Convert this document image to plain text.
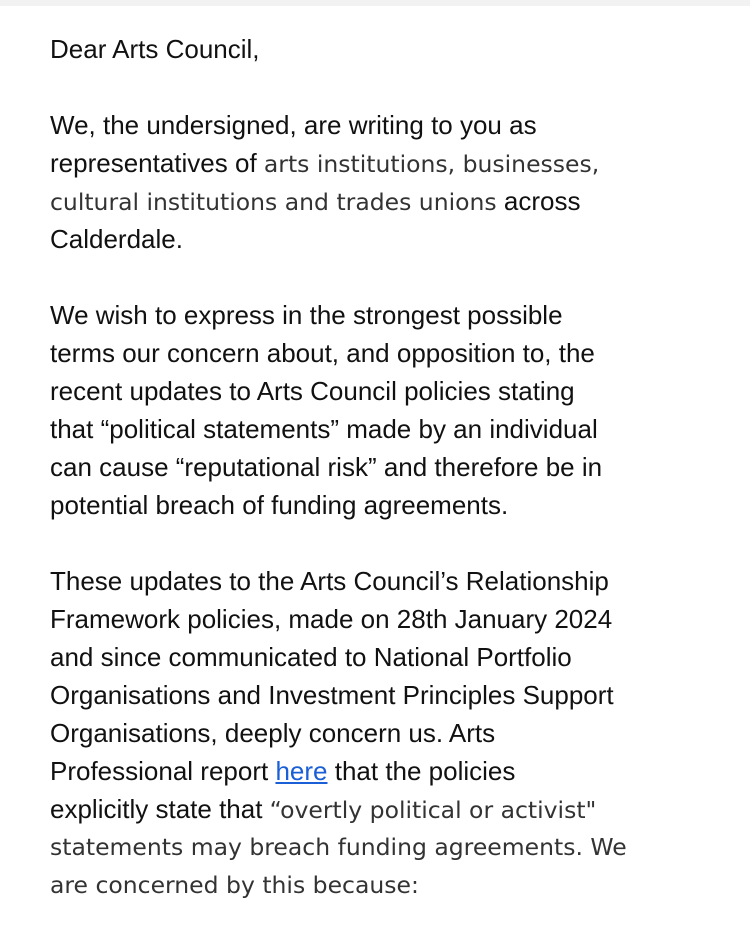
Dear Arts Council,
We, the undersigned, are writing to you as
representatives of arts institutions, businesses,
cultural institutions and trades unions across
Calderdale.
We wish to express in the strongest possible
terms our concern about, and opposition to, the
recent updates to Arts Council policies stating
that “political statements” made by an individual
can cause “reputational risk” and therefore be in
potential breach of funding agreements.
These updates to the Arts Council’s Relationship
Framework policies, made on 28th January 2024
and since communicated to National Portfolio
Organisations and Investment Principles Support
Organisations, deeply concern us. Arts
Professional report here that the policies
explicitly state that “overtly political or activist"
statements may breach funding agreements. We
are concerned by this because:
